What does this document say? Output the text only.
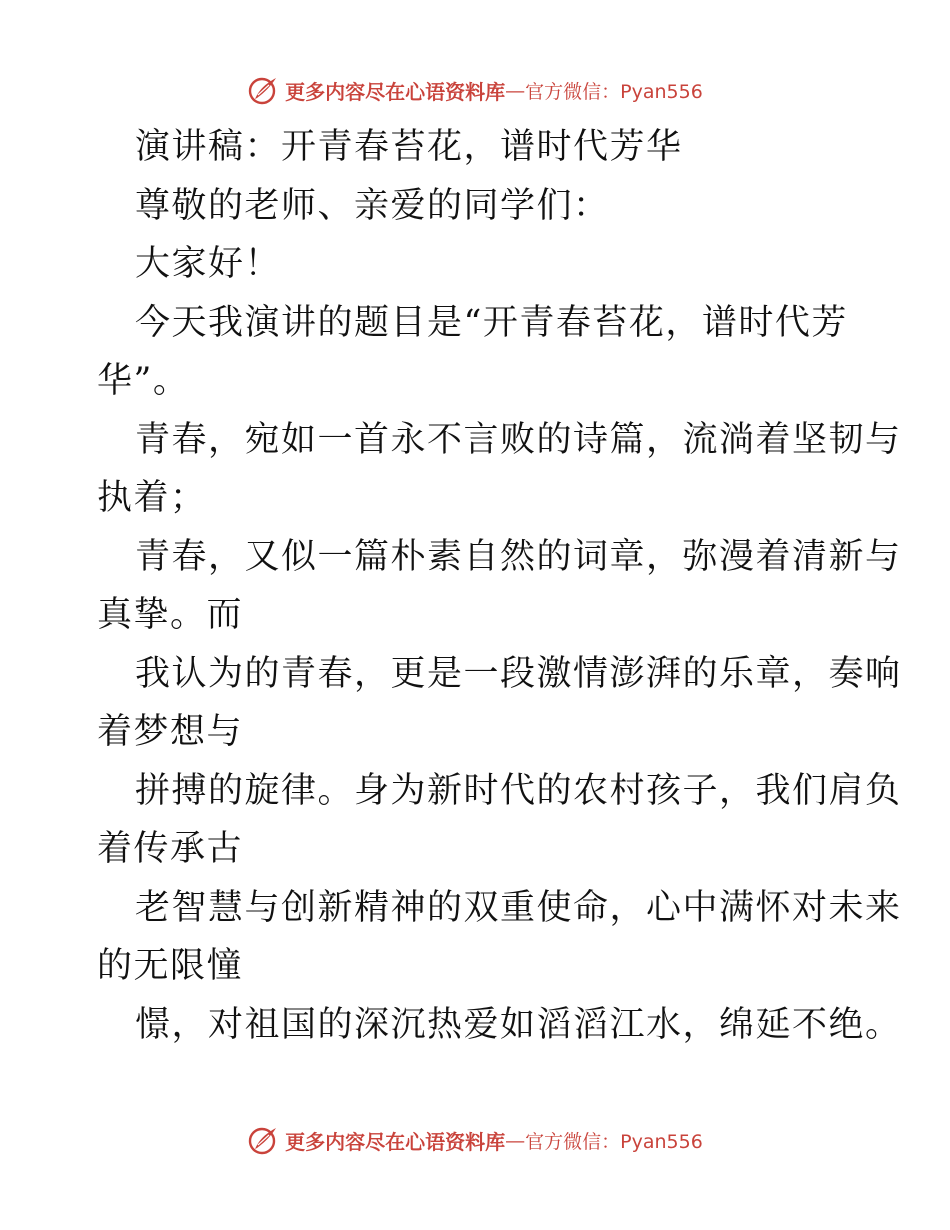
更多内容尽在心语资料库 — 官方微信：Pyan556
演讲稿：开青春苔花，谱时代芳华
尊敬的老师、亲爱的同学们：
大家好！
今天我演讲的题目是“开青春苔花，谱时代芳
华”。
青春，宛如一首永不言败的诗篇，流淌着坚韧与
执着；
青春，又似一篇朴素自然的词章，弥漫着清新与
真挚。而
我认为的青春，更是一段激情澎湃的乐章，奏响
着梦想与
拼搏的旋律。身为新时代的农村孩子，我们肩负
着传承古
老智慧与创新精神的双重使命，心中满怀对未来
的无限憧
憬，对祖国的深沉热爱如滔滔江水，绵延不绝。
更多内容尽在心语资料库 — 官方微信：Pyan556
